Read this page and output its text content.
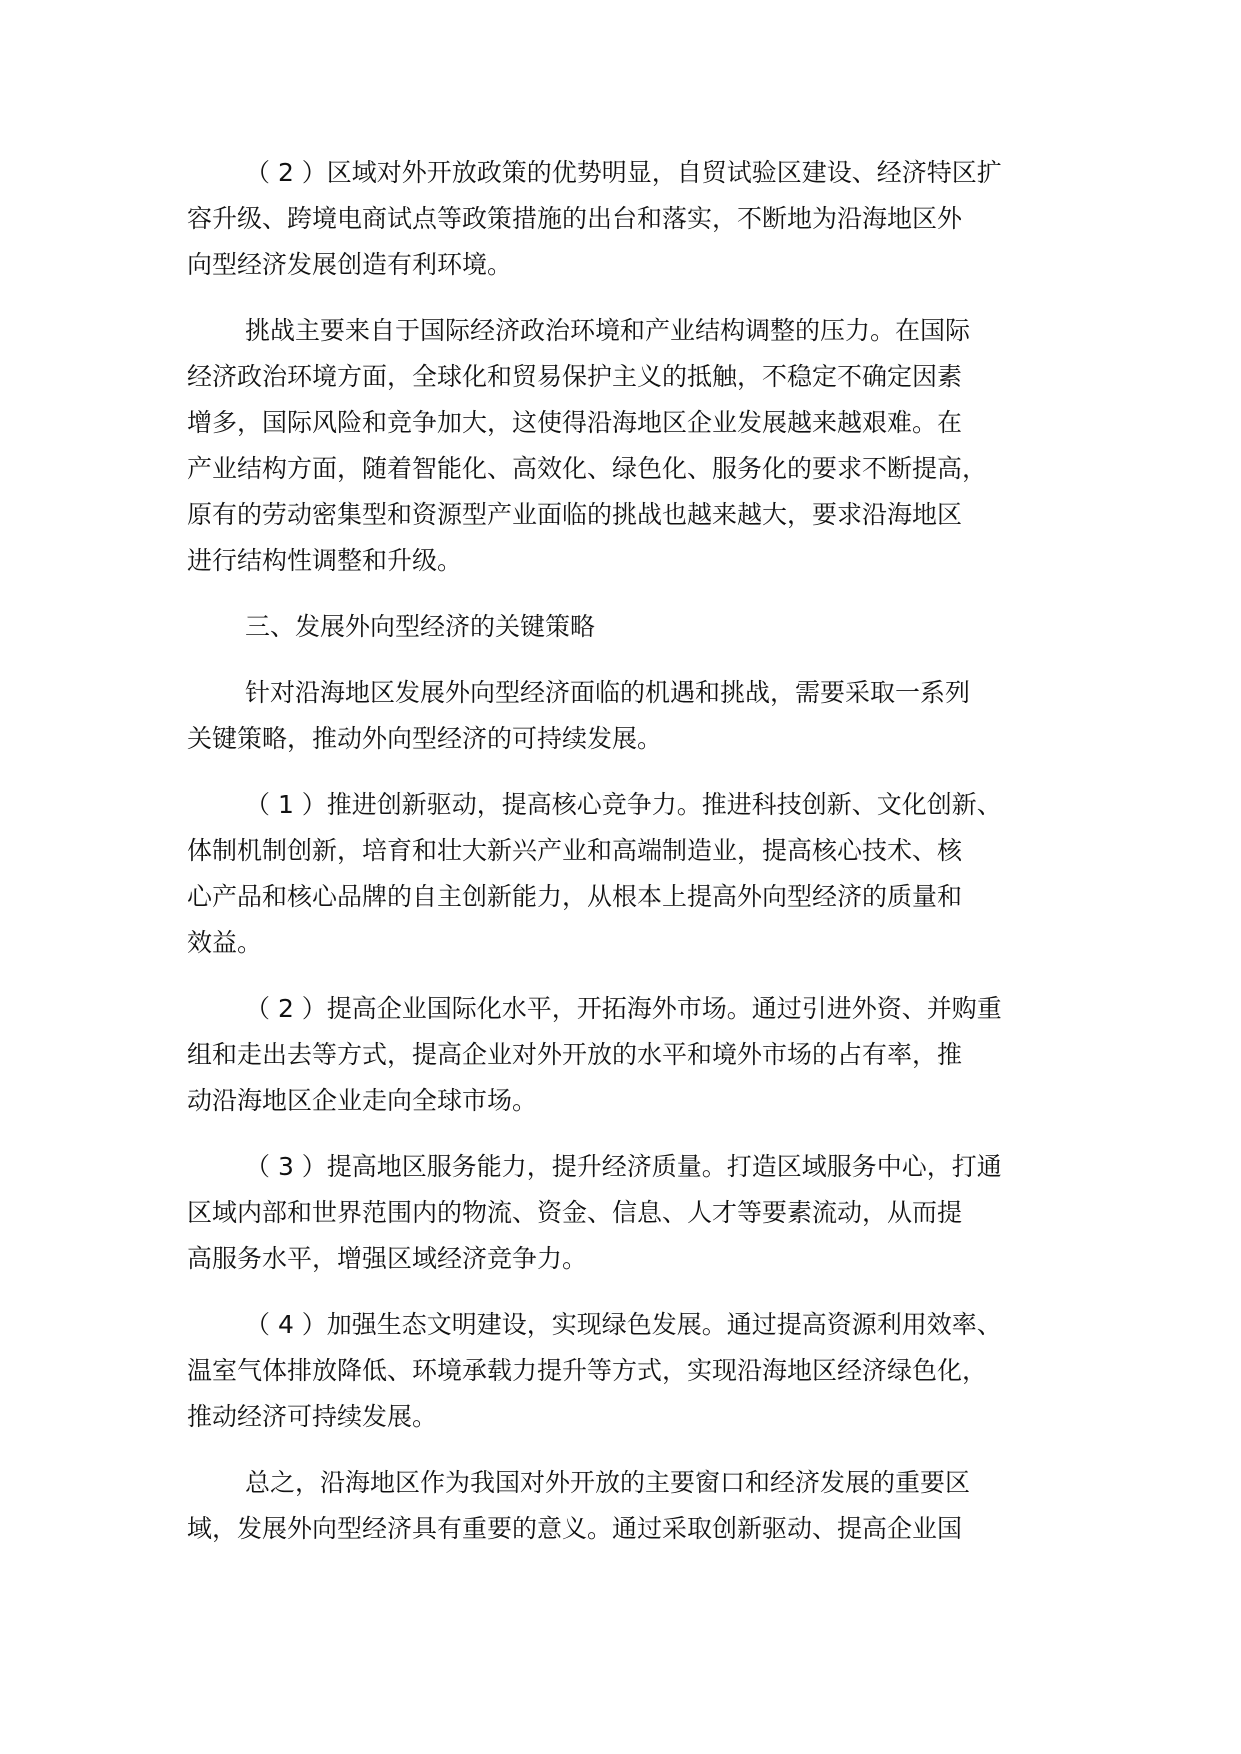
（ 2 ）区域对外开放政策的优势明显，自贸试验区建设、经济特区扩
容升级、跨境电商试点等政策措施的出台和落实，不断地为沿海地区外
向型经济发展创造有利环境。
挑战主要来自于国际经济政治环境和产业结构调整的压力。在国际
经济政治环境方面，全球化和贸易保护主义的抵触，不稳定不确定因素
增多，国际风险和竞争加大，这使得沿海地区企业发展越来越艰难。在
产业结构方面，随着智能化、高效化、绿色化、服务化的要求不断提高，
原有的劳动密集型和资源型产业面临的挑战也越来越大，要求沿海地区
进行结构性调整和升级。
三、发展外向型经济的关键策略
针对沿海地区发展外向型经济面临的机遇和挑战，需要采取一系列
关键策略，推动外向型经济的可持续发展。
（ 1 ）推进创新驱动，提高核心竞争力。推进科技创新、文化创新、
体制机制创新，培育和壮大新兴产业和高端制造业，提高核心技术、核
心产品和核心品牌的自主创新能力，从根本上提高外向型经济的质量和
效益。
（ 2 ）提高企业国际化水平，开拓海外市场。通过引进外资、并购重
组和走出去等方式，提高企业对外开放的水平和境外市场的占有率，推
动沿海地区企业走向全球市场。
（ 3 ）提高地区服务能力，提升经济质量。打造区域服务中心，打通
区域内部和世界范围内的物流、资金、信息、人才等要素流动，从而提
高服务水平，增强区域经济竞争力。
（ 4 ）加强生态文明建设，实现绿色发展。通过提高资源利用效率、
温室气体排放降低、环境承载力提升等方式，实现沿海地区经济绿色化，
推动经济可持续发展。
总之，沿海地区作为我国对外开放的主要窗口和经济发展的重要区
域，发展外向型经济具有重要的意义。通过采取创新驱动、提高企业国
